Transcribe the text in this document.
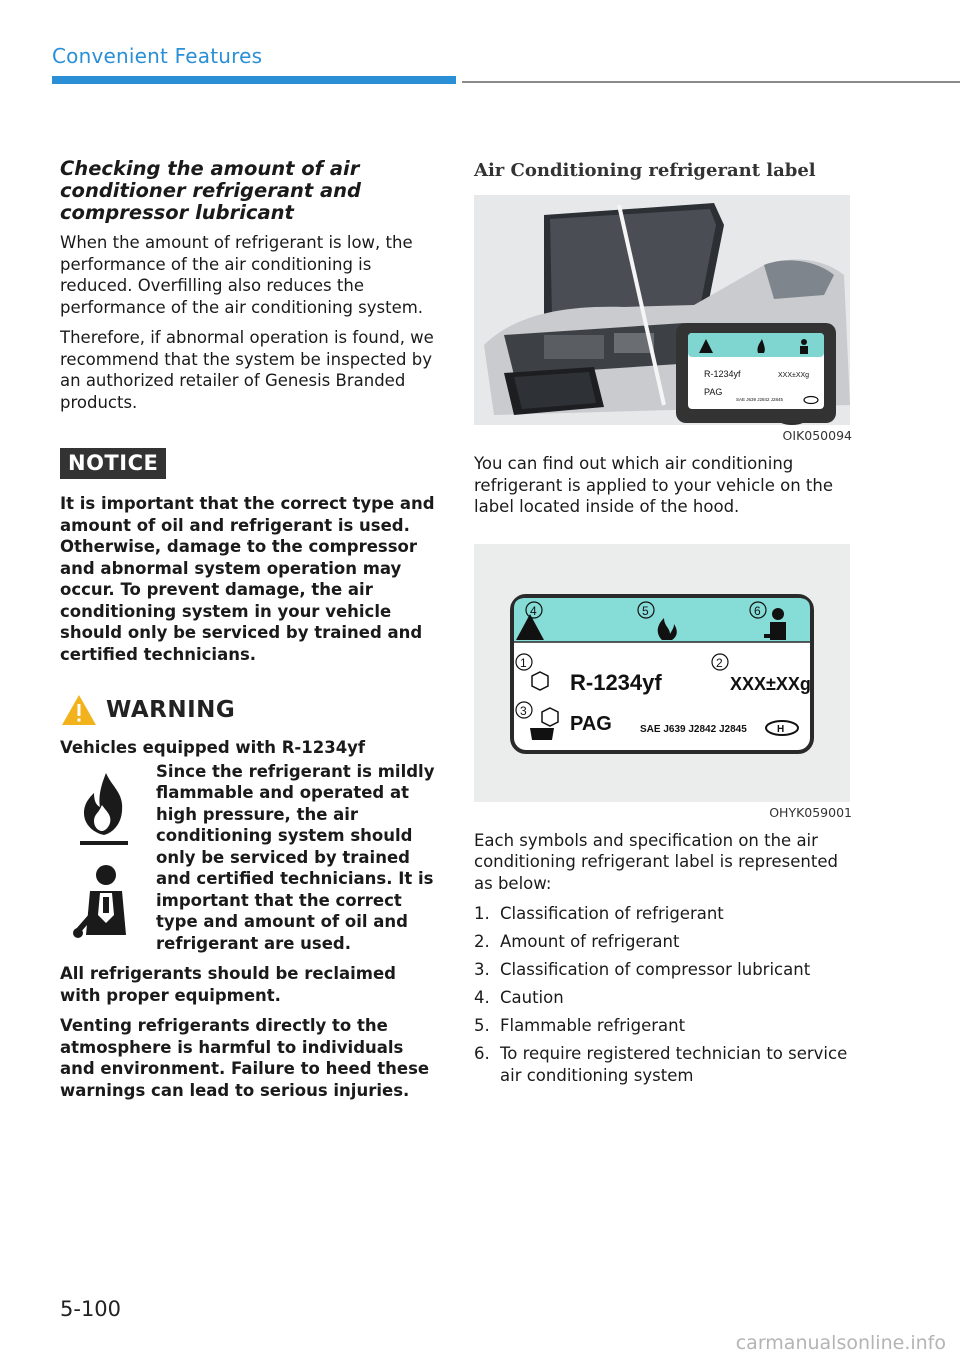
Convenient Features
Checking the amount of air conditioner refrigerant and compressor lubricant

When the amount of refrigerant is low, the performance of the air conditioning is reduced. Overfilling also reduces the performance of the air conditioning system.

Therefore, if abnormal operation is found, we recommend that the system be inspected by an authorized retailer of Genesis Branded products.

NOTICE

It is important that the correct type and amount of oil and refrigerant is used. Otherwise, damage to the compressor and abnormal system operation may occur. To prevent damage, the air conditioning system in your vehicle should only be serviced by trained and certified technicians.

WARNING

Vehicles equipped with R-1234yf

Since the refrigerant is mildly flammable and operated at high pressure, the air conditioning system should only be serviced by trained and certified technicians. It is important that the correct type and amount of oil and refrigerant are used.

All refrigerants should be reclaimed with proper equipment.

Venting refrigerants directly to the atmosphere is harmful to individuals and environment. Failure to heed these warnings can lead to serious injuries.

Air Conditioning refrigerant label
R-1234yf	XXX±XXg
PAG
SAE J639 J2842 J2845
OIK050094

You can find out which air conditioning refrigerant is applied to your vehicle on the label located inside of the hood.

4	5	6
1	2
3
R-1234yf	XXX±XXg
PAG	SAE J639 J2842 J2845	H
OHYK059001

Each symbols and specification on the air conditioning refrigerant label is represented as below:

1. Classification of refrigerant
2. Amount of refrigerant
3. Classification of compressor lubricant
4. Caution
5. Flammable refrigerant
6. To require registered technician to service air conditioning system
5-100
carmanualsonline.info
